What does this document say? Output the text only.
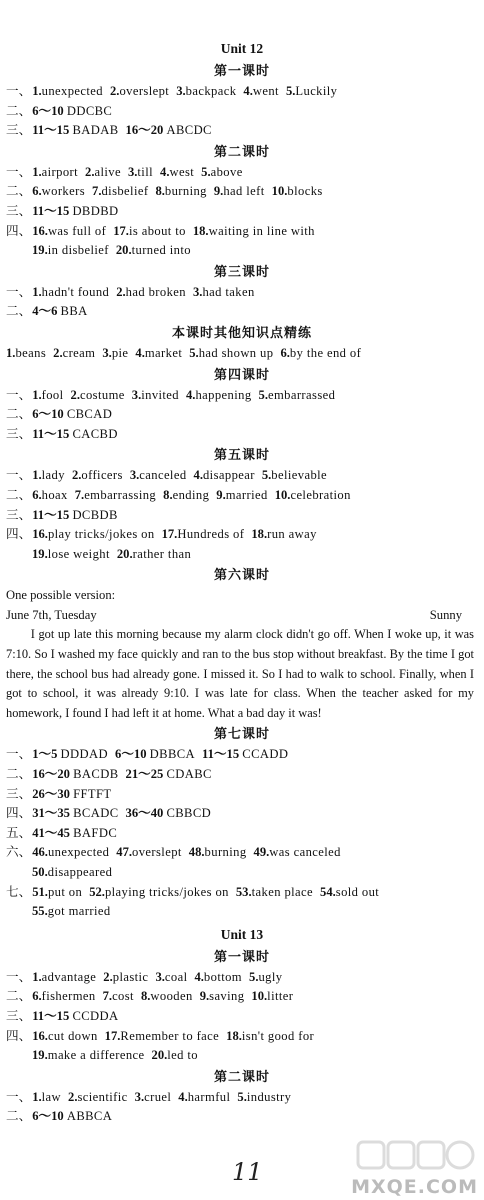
Unit 12
第一课时
一、1.unexpected 2.overslept 3.backpack 4.went 5.Luckily
二、6～10 DDCBC
三、11～15 BADAB 16～20 ABCDC
第二课时
一、1.airport 2.alive 3.till 4.west 5.above
二、6.workers 7.disbelief 8.burning 9.had left 10.blocks
三、11～15 DBDBD
四、16.was full of 17.is about to 18.waiting in line with
19.in disbelief 20.turned into
第三课时
一、1.hadn't found 2.had broken 3.had taken
二、4～6 BBA
本课时其他知识点精练
1.beans 2.cream 3.pie 4.market 5.had shown up 6.by the end of
第四课时
一、1.fool 2.costume 3.invited 4.happening 5.embarrassed
二、6～10 CBCAD
三、11～15 CACBD
第五课时
一、1.lady 2.officers 3.canceled 4.disappear 5.believable
二、6.hoax 7.embarrassing 8.ending 9.married 10.celebration
三、11～15 DCBDB
四、16.play tricks/jokes on 17.Hundreds of 18.run away
19.lose weight 20.rather than
第六课时
One possible version:
June 7th, Tuesday	Sunny

I got up late this morning because my alarm clock didn't go off. When I woke up, it was 7:10. So I washed my face quickly and ran to the bus stop without breakfast. By the time I got there, the school bus had already gone. I missed it. So I had to walk to school. Finally, when I got to school, it was already 9:10. I was late for class. When the teacher asked for my homework, I found I had left it at home. What a bad day it was!

第七课时
一、1～5 DDDAD 6～10 DBBCA 11～15 CCADD
二、16～20 BACDB 21～25 CDABC
三、26～30 FFTFT
四、31～35 BCADC 36～40 CBBCD
五、41～45 BAFDC
六、46.unexpected 47.overslept 48.burning 49.was canceled
50.disappeared
七、51.put on 52.playing tricks/jokes on 53.taken place 54.sold out
55.got married
Unit 13
第一课时
一、1.advantage 2.plastic 3.coal 4.bottom 5.ugly
二、6.fishermen 7.cost 8.wooden 9.saving 10.litter
三、11～15 CCDDA
四、16.cut down 17.Remember to face 18.isn't good for
19.make a difference 20.led to
第二课时
一、1.law 2.scientific 3.cruel 4.harmful 5.industry
二、6～10 ABBCA
11
MXQE.COM
